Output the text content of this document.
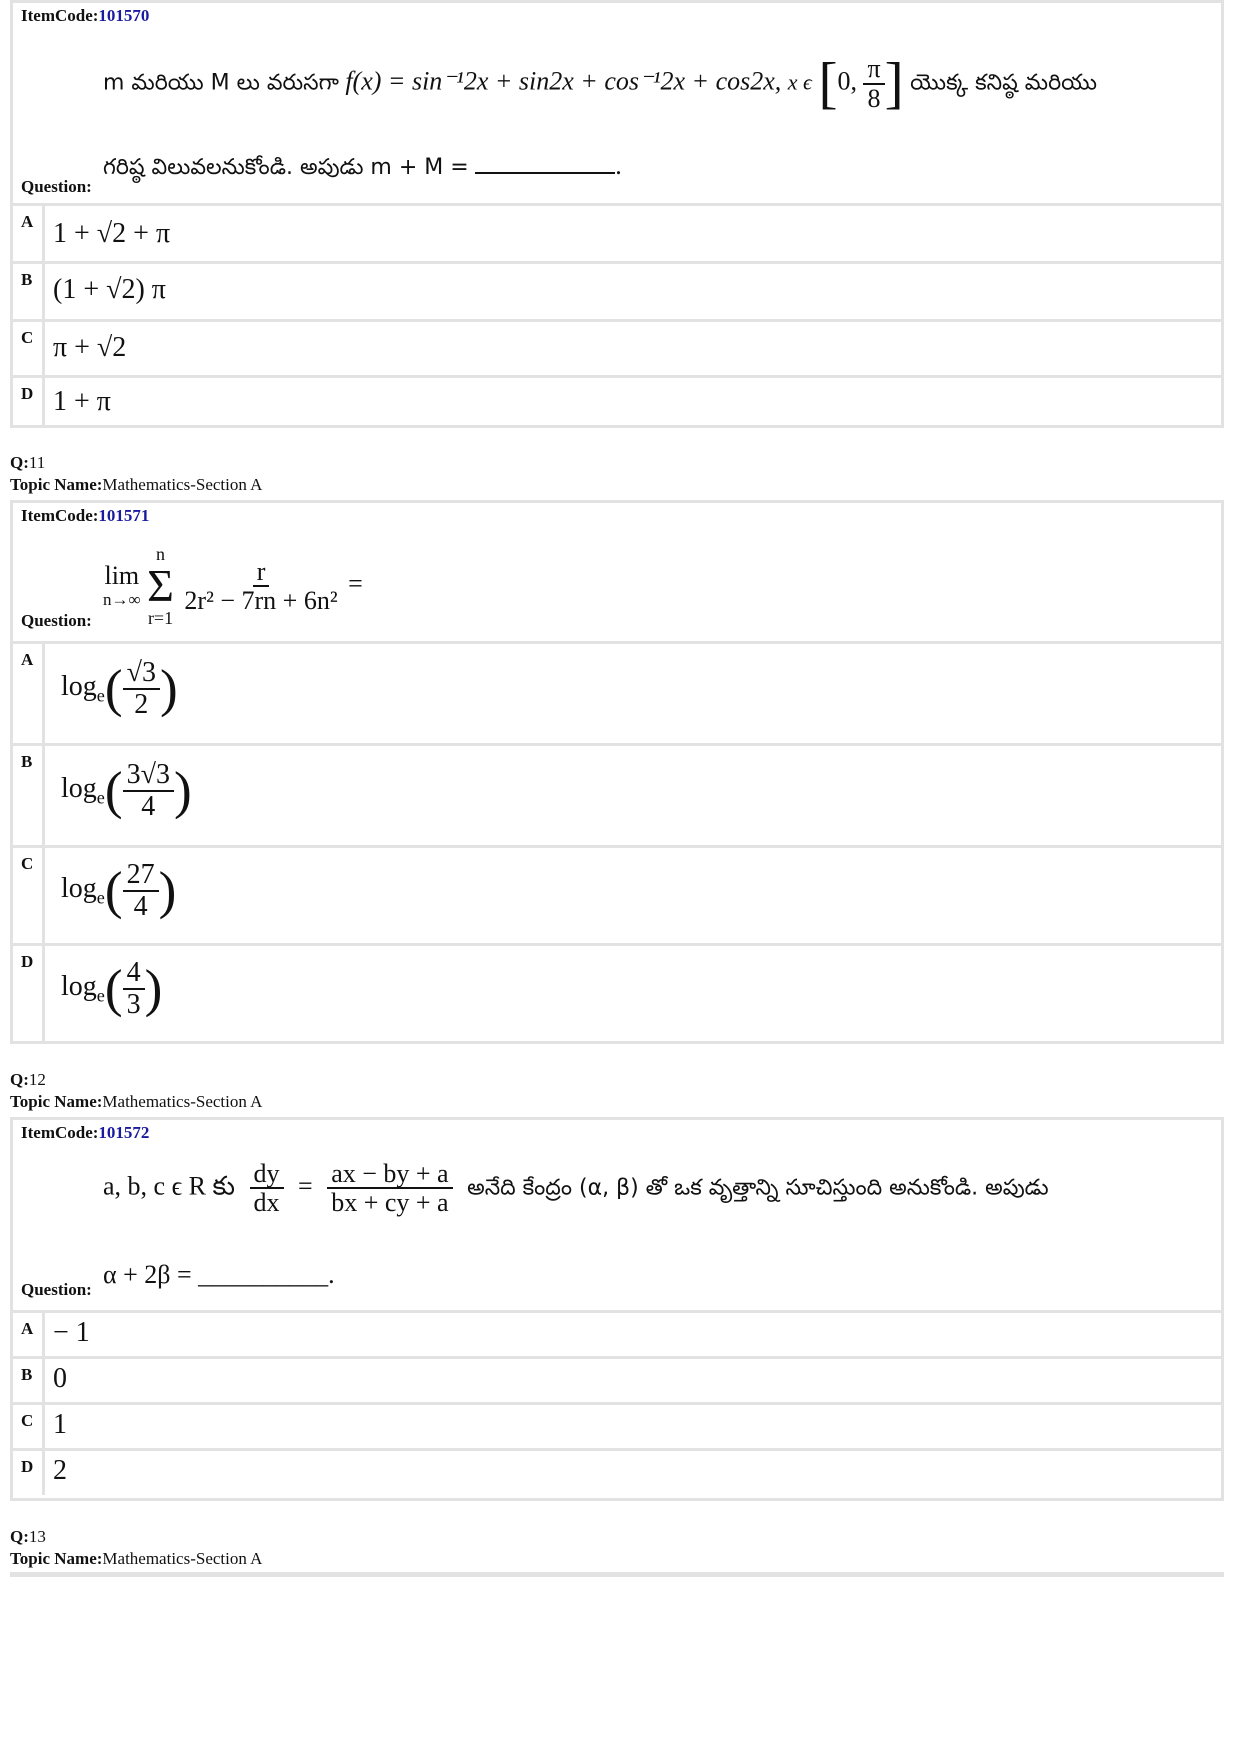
ItemCode:101570
m మరియు M లు వరుసగా f(x) = sin⁻¹2x + sin2x + cos⁻¹2x + cos2x, x ϵ [0, $\frac{\pi}{8}$ ] యొక్క కనిష్ఠ మరియు
గరిష్ఠ విలువలనుకోండి. అపుడు m + M =	.
Question:
A 1 + √2 + π
B (1 + √2) π
C π + √2
D 1 + π
Q:11
Topic Name:Mathematics-Section A
ItemCode:101571
lim
n→∞

n
Σ
r=1

$\frac{r}{\text{2r² − 7rn + 6n²}}$ =
Question:
A
$\log_e( \frac{√3}{2}$ )
B
$\log_e( \frac{3√3}{4}$ )
C
$\log_e( \frac{27}{4}$ )
D
$\log_e( \frac{4}{3}$ )
Q:12
Topic Name:Mathematics-Section A
ItemCode:101572
a, b, c ϵ R కు $\frac{dy}{dx} = \frac{ax - by + a}{bx + cy + a}$ అనేది కేంద్రం (α, β) తో ఒక వృత్తాన్ని సూచిస్తుంది అనుకోండి. అపుడు
α + 2β = __________.
Question:
A − 1
B 0
C 1
D 2
Q:13
Topic Name:Mathematics-Section A
